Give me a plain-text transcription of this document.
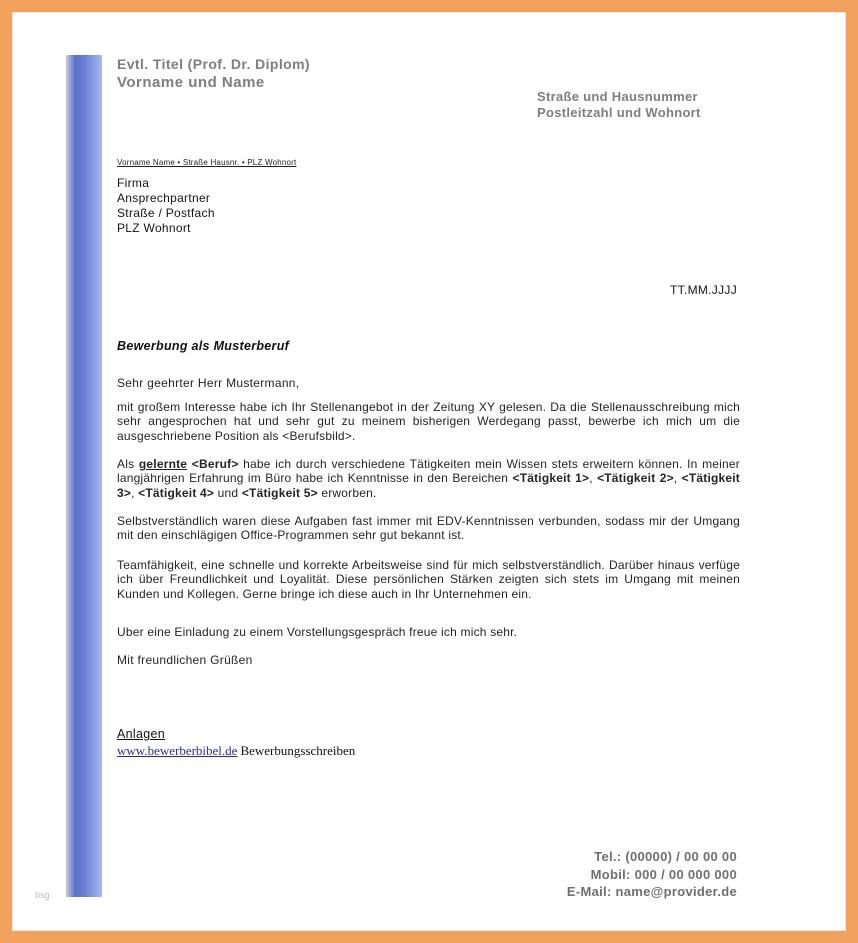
Evtl. Titel (Prof. Dr. Diplom)
Vorname und Name
Straße und Hausnummer
Postleitzahl und Wohnort
Vorname Name • Straße Hausnr. • PLZ Wohnort
Firma
Ansprechpartner
Straße / Postfach
PLZ Wohnort
TT.MM.JJJJ
Bewerbung als Musterberuf
Sehr geehrter Herr Mustermann,
mit großem Interesse habe ich Ihr Stellenangebot in der Zeitung XY gelesen. Da die Stellenausschreibung mich sehr angesprochen hat und sehr gut zu meinem bisherigen Werdegang passt, bewerbe ich mich um die ausgeschriebene Position als <Berufsbild>.
Als gelernte <Beruf> habe ich durch verschiedene Tätigkeiten mein Wissen stets erweitern können. In meiner langjährigen Erfahrung im Büro habe ich Kenntnisse in den Bereichen <Tätigkeit 1>, <Tätigkeit 2>, <Tätigkeit 3>, <Tätigkeit 4> und <Tätigkeit 5> erworben.
Selbstverständlich waren diese Aufgaben fast immer mit EDV-Kenntnissen verbunden, sodass mir der Umgang mit den einschlägigen Office-Programmen sehr gut bekannt ist.
Teamfähigkeit, eine schnelle und korrekte Arbeitsweise sind für mich selbstverständlich. Darüber hinaus verfüge ich über Freundlichkeit und Loyalität. Diese persönlichen Stärken zeigten sich stets im Umgang mit meinen Kunden und Kollegen. Gerne bringe ich diese auch in Ihr Unternehmen ein.
Uber eine Einladung zu einem Vorstellungsgespräch freue ich mich sehr.
Mit freundlichen Grüßen
Anlagen
www.bewerberbibel.de Bewerbungsschreiben
Tel.: (00000) / 00 00 00
Mobil: 000 / 00 000 000
E-Mail: name@provider.de
bsg
